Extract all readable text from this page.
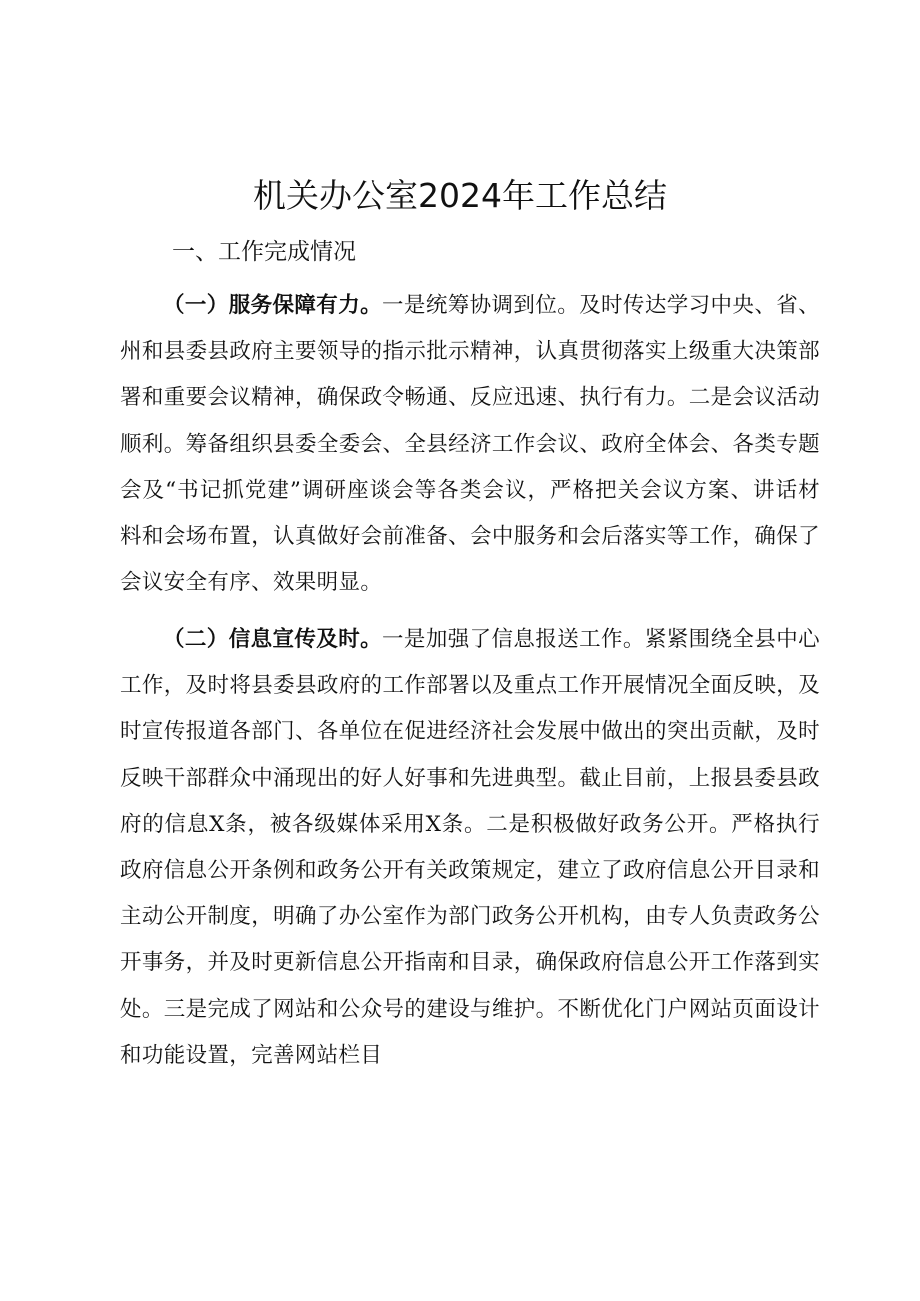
机关办公室2024年工作总结
一、工作完成情况

（一）服务保障有力。一是统筹协调到位。及时传达学习中央、省、州和县委县政府主要领导的指示批示精神，认真贯彻落实上级重大决策部署和重要会议精神，确保政令畅通、反应迅速、执行有力。二是会议活动顺利。筹备组织县委全委会、全县经济工作会议、政府全体会、各类专题会及“书记抓党建”调研座谈会等各类会议，严格把关会议方案、讲话材料和会场布置，认真做好会前准备、会中服务和会后落实等工作，确保了会议安全有序、效果明显。

（二）信息宣传及时。一是加强了信息报送工作。紧紧围绕全县中心工作，及时将县委县政府的工作部署以及重点工作开展情况全面反映，及时宣传报道各部门、各单位在促进经济社会发展中做出的突出贡献，及时反映干部群众中涌现出的好人好事和先进典型。截止目前，上报县委县政府的信息X条，被各级媒体采用X条。二是积极做好政务公开。严格执行政府信息公开条例和政务公开有关政策规定，建立了政府信息公开目录和主动公开制度，明确了办公室作为部门政务公开机构，由专人负责政务公开事务，并及时更新信息公开指南和目录，确保政府信息公开工作落到实处。三是完成了网站和公众号的建设与维护。不断优化门户网站页面设计和功能设置，完善网站栏目
